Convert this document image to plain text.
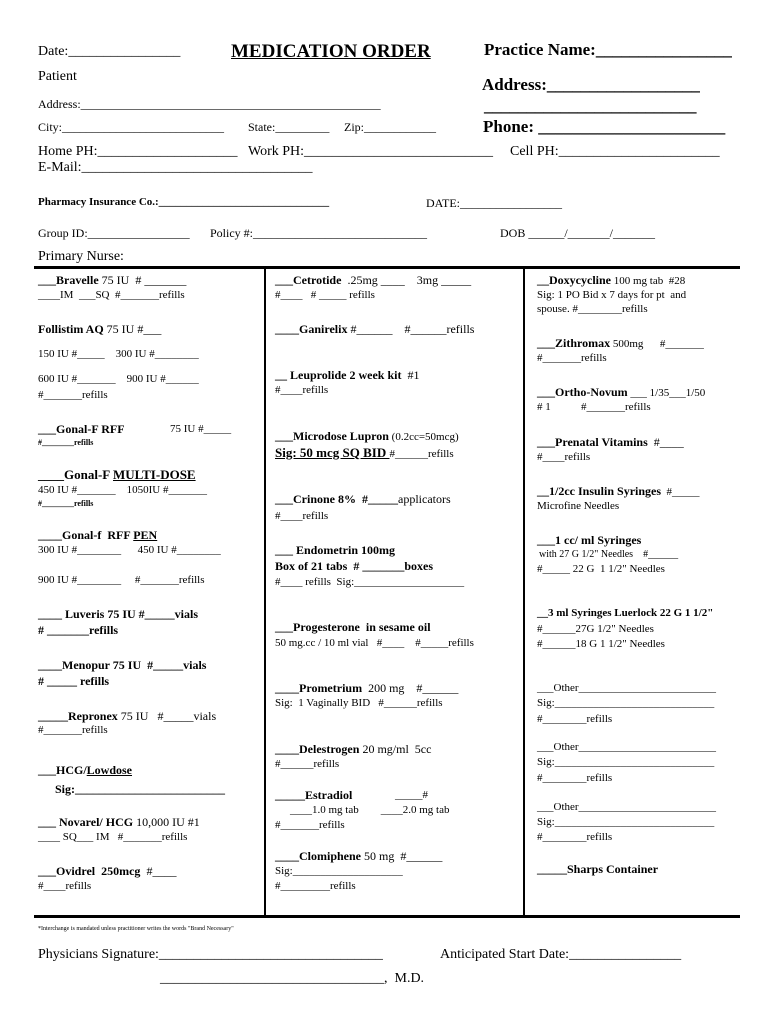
Date:________________	MEDICATION ORDER	Practice Name:________________
Patient	Address:__________________
_________________________
Phone: ______________________
Address:__________________________________________________
City:___________________________ State:_________ Zip:____________
Home PH:____________________ Work PH:___________________________ Cell PH:_______________________
E-Mail:_________________________________
Pharmacy Insurance Co.:_______________________________	DATE:_________________
Group ID:_________________ Policy #:_____________________________	DOB ______/_______/_______
Primary Nurse:
___Bravelle 75 IU  # _______
____IM  ___SQ  #_______refills
Follistim AQ 75 IU #___
150 IU #_____    300 IU #________
600 IU #_______    900 IU #______
#_______refills
___Gonal-F RFF	75 IU #_____
#________refills
____Gonal-F MULTI-DOSE
450 IU #_______    1050IU #_______
#________refills
____Gonal-f  RFF PEN
300 IU #________      450 IU #________
900 IU #________     #_______refills
____ Luveris 75 IU #_____vials
# _______refills
____Menopur 75 IU  #_____vials
# _____ refills
_____Repronex 75 IU   #_____vials
#_______refills
___HCG/Lowdose
Sig:_________________________
___ Novarel/ HCG 10,000 IU #1
____ SQ___ IM   #_______refills
___Ovidrel  250mcg  #____
#____refills
___Cetrotide  .25mg ____    3mg _____
#____   # _____ refills
____Ganirelix #______    #______refills
__ Leuprolide 2 week kit  #1
#____refills
___Microdose Lupron (0.2cc=50mcg)
Sig: 50 mcg SQ BID #______refills
___Crinone 8%  #_____applicators
#____refills
___ Endometrin 100mg
Box of 21 tabs  # _______boxes
#____ refills  Sig:____________________
___Progesterone  in sesame oil
50 mg.cc / 10 ml vial   #____    #_____refills
____Prometrium  200 mg    #______
Sig:  1 Vaginally BID   #______refills
____Delestrogen 20 mg/ml  5cc
#______refills
_____Estradiol	_____#
____1.0 mg tab        ____2.0 mg tab
#_______refills
____Clomiphene 50 mg  #______
Sig:____________________
#_________refills
__Doxycycline 100 mg tab  #28
Sig: 1 PO Bid x 7 days for pt  and
spouse. #________refills
___Zithromax 500mg      #_______
#_______refills
___Ortho-Novum ___ 1/35___1/50
# 1           #_______refills
___Prenatal Vitamins  #____
#____refills
__1/2cc Insulin Syringes  #_____
Microfine Needles
___1 cc/ ml Syringes
with 27 G 1/2" Needles    #______
#_____ 22 G  1 1/2" Needles
__3 ml Syringes Luerlock 22 G 1 1/2"
#______27G 1/2" Needles
#______18 G 1 1/2" Needles
___Other_________________________
Sig:_____________________________
#________refills
___Other_________________________
Sig:_____________________________
#________refills
___Other_________________________
Sig:_____________________________
#________refills
_____Sharps Container
*Interchange is mandated unless practitioner writes the words "Brand Necessary"
Physicians Signature:________________________________	Anticipated Start Date:________________
________________________________,  M.D.
